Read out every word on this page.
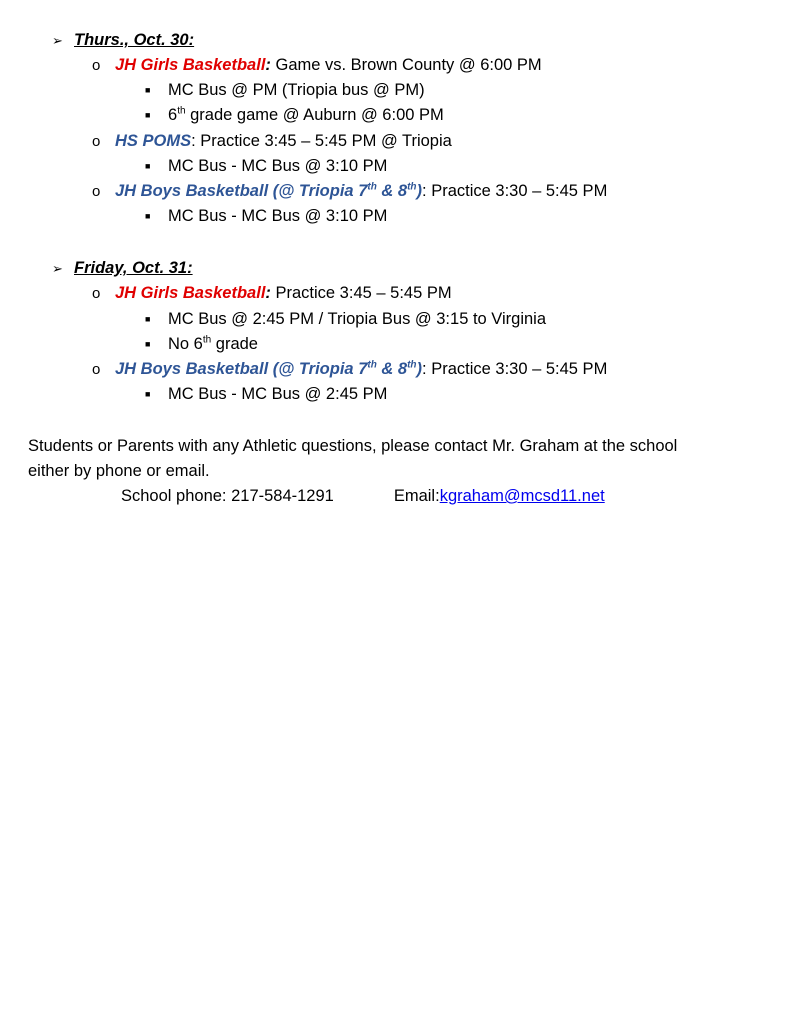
➢ Thurs., Oct. 30:
o JH Girls Basketball: Game vs. Brown County @ 6:00 PM
■ MC Bus @ PM (Triopia bus @ PM)
■ 6th grade game @ Auburn @ 6:00 PM
o HS POMS: Practice 3:45 – 5:45 PM @ Triopia
■ MC Bus - MC Bus @ 3:10 PM
o JH Boys Basketball (@ Triopia 7th & 8th): Practice 3:30 – 5:45 PM
■ MC Bus - MC Bus @ 3:10 PM
➢ Friday, Oct. 31:
o JH Girls Basketball: Practice 3:45 – 5:45 PM
■ MC Bus @ 2:45 PM / Triopia Bus @ 3:15 to Virginia
■ No 6th grade
o JH Boys Basketball (@ Triopia 7th & 8th): Practice 3:30 – 5:45 PM
■ MC Bus - MC Bus @ 2:45 PM
Students or Parents with any Athletic questions, please contact Mr. Graham at the school
either by phone or email.
School phone: 217-584-1291	Email:kgraham@mcsd11.net
